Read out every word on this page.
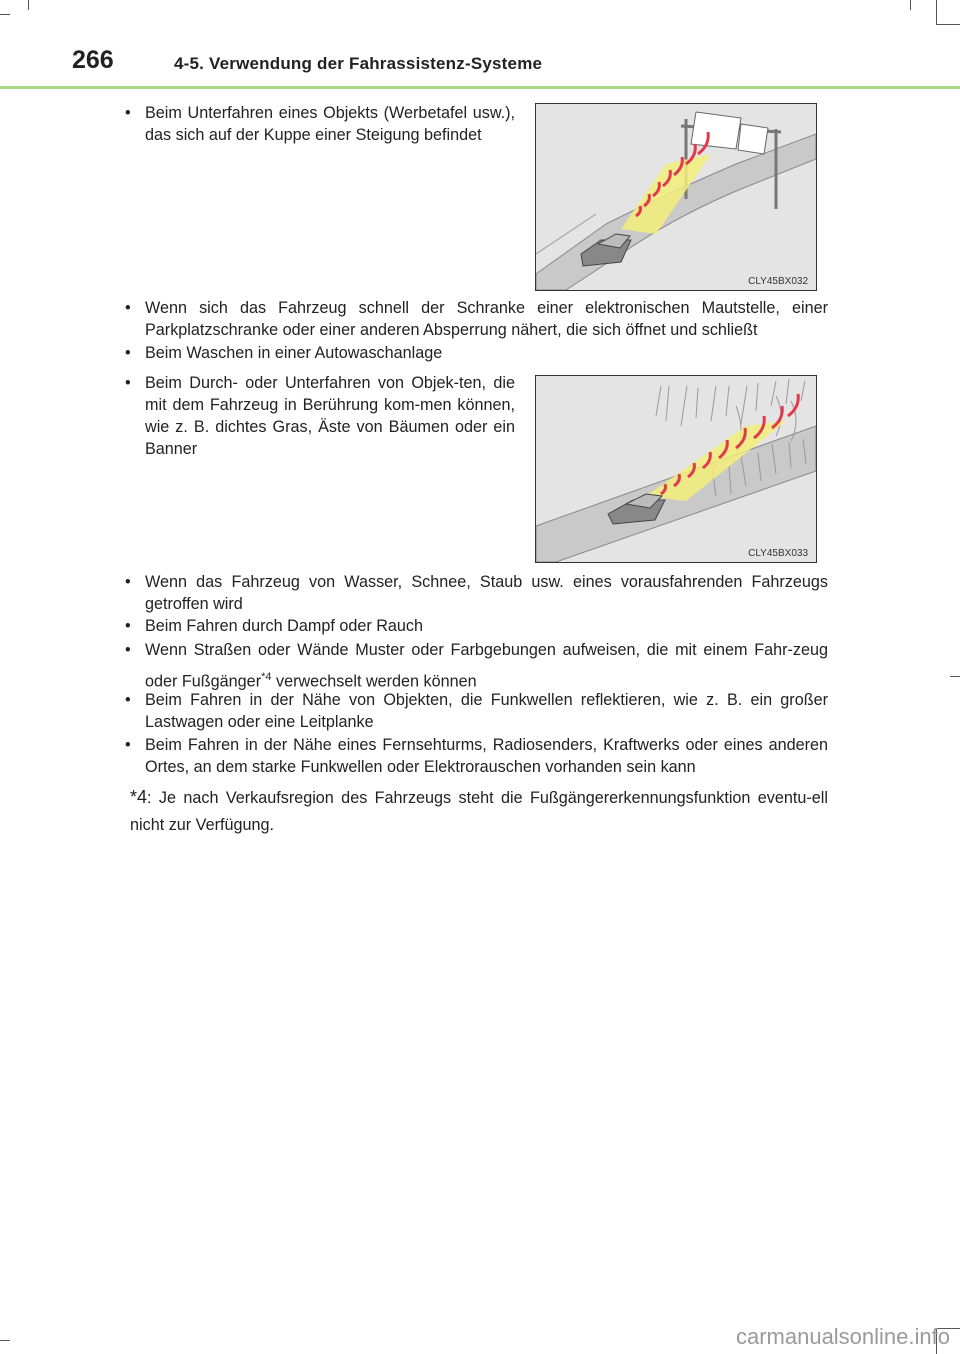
266	4-5. Verwendung der Fahrassistenz-Systeme
• Beim Unterfahren eines Objekts (Werbetafel usw.), das sich auf der Kuppe einer Steigung befindet
CLY45BX032
• Wenn sich das Fahrzeug schnell der Schranke einer elektronischen Mautstelle, einer Parkplatzschranke oder einer anderen Absperrung nähert, die sich öffnet und schließt
• Beim Waschen in einer Autowaschanlage
• Beim Durch- oder Unterfahren von Objek-ten, die mit dem Fahrzeug in Berührung kom-men können, wie z. B. dichtes Gras, Äste von Bäumen oder ein Banner
CLY45BX033
• Wenn das Fahrzeug von Wasser, Schnee, Staub usw. eines vorausfahrenden Fahrzeugs getroffen wird
• Beim Fahren durch Dampf oder Rauch
• Wenn Straßen oder Wände Muster oder Farbgebungen aufweisen, die mit einem Fahr-zeug oder Fußgänger$^{*4}$ verwechselt werden können
• Beim Fahren in der Nähe von Objekten, die Funkwellen reflektieren, wie z. B. ein großer Lastwagen oder eine Leitplanke
• Beim Fahren in der Nähe eines Fernsehturms, Radiosenders, Kraftwerks oder eines anderen Ortes, an dem starke Funkwellen oder Elektrorauschen vorhanden sein kann
*4: Je nach Verkaufsregion des Fahrzeugs steht die Fußgängererkennungsfunktion eventu-ell nicht zur Verfügung.
carmanualsonline.info
